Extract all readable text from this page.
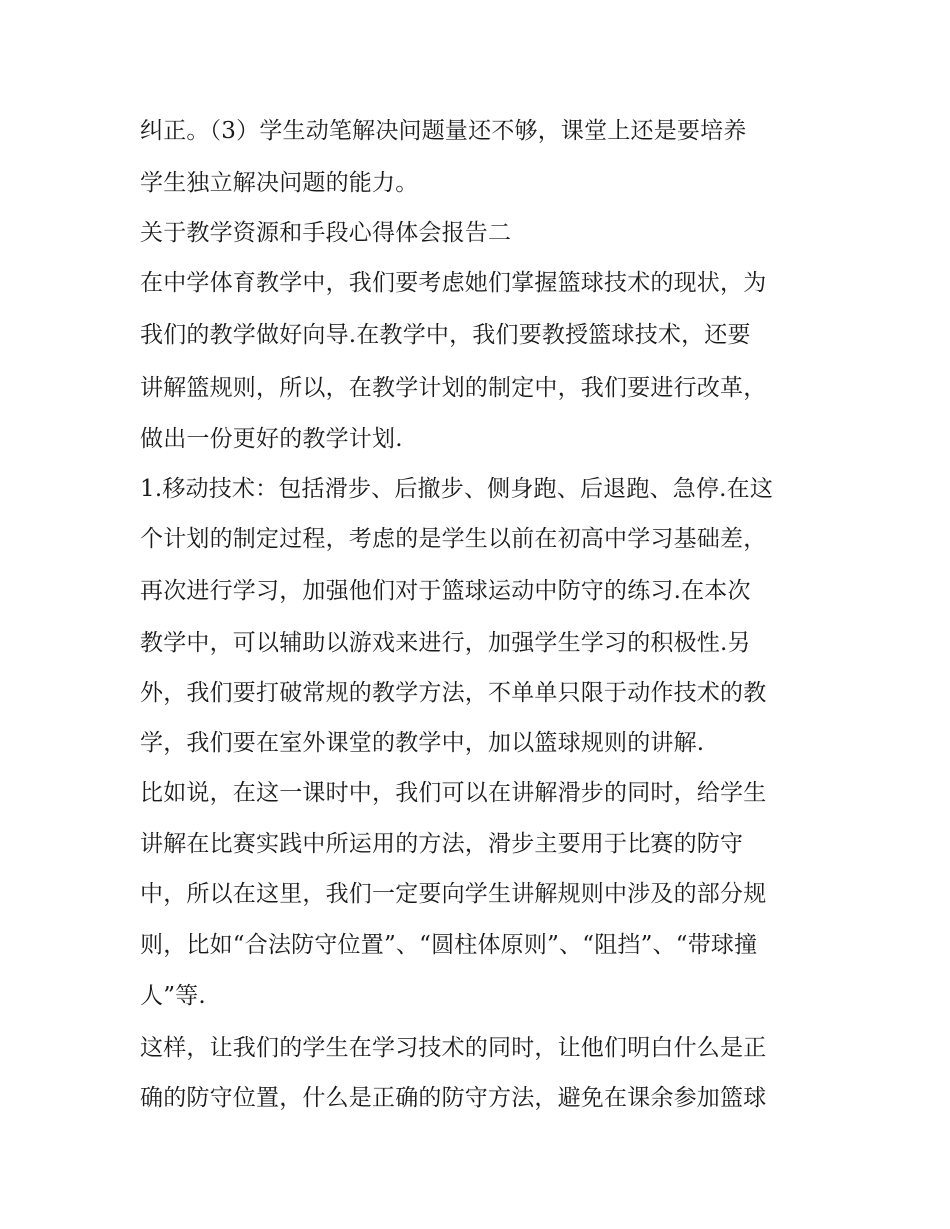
纠正。（3）学生动笔解决问题量还不够，课堂上还是要培养
学生独立解决问题的能力。
关于教学资源和手段心得体会报告二
在中学体育教学中，我们要考虑她们掌握篮球技术的现状，为
我们的教学做好向导.在教学中，我们要教授篮球技术，还要
讲解篮规则，所以，在教学计划的制定中，我们要进行改革，
做出一份更好的教学计划.
1.移动技术：包括滑步、后撤步、侧身跑、后退跑、急停.在这
个计划的制定过程，考虑的是学生以前在初高中学习基础差，
再次进行学习，加强他们对于篮球运动中防守的练习.在本次
教学中，可以辅助以游戏来进行，加强学生学习的积极性.另
外，我们要打破常规的教学方法，不单单只限于动作技术的教
学，我们要在室外课堂的教学中，加以篮球规则的讲解.
比如说，在这一课时中，我们可以在讲解滑步的同时，给学生
讲解在比赛实践中所运用的方法，滑步主要用于比赛的防守
中，所以在这里，我们一定要向学生讲解规则中涉及的部分规
则，比如“合法防守位置”、“圆柱体原则”、“阻挡”、“带球撞
人”等.
这样，让我们的学生在学习技术的同时，让他们明白什么是正
确的防守位置，什么是正确的防守方法，避免在课余参加篮球
